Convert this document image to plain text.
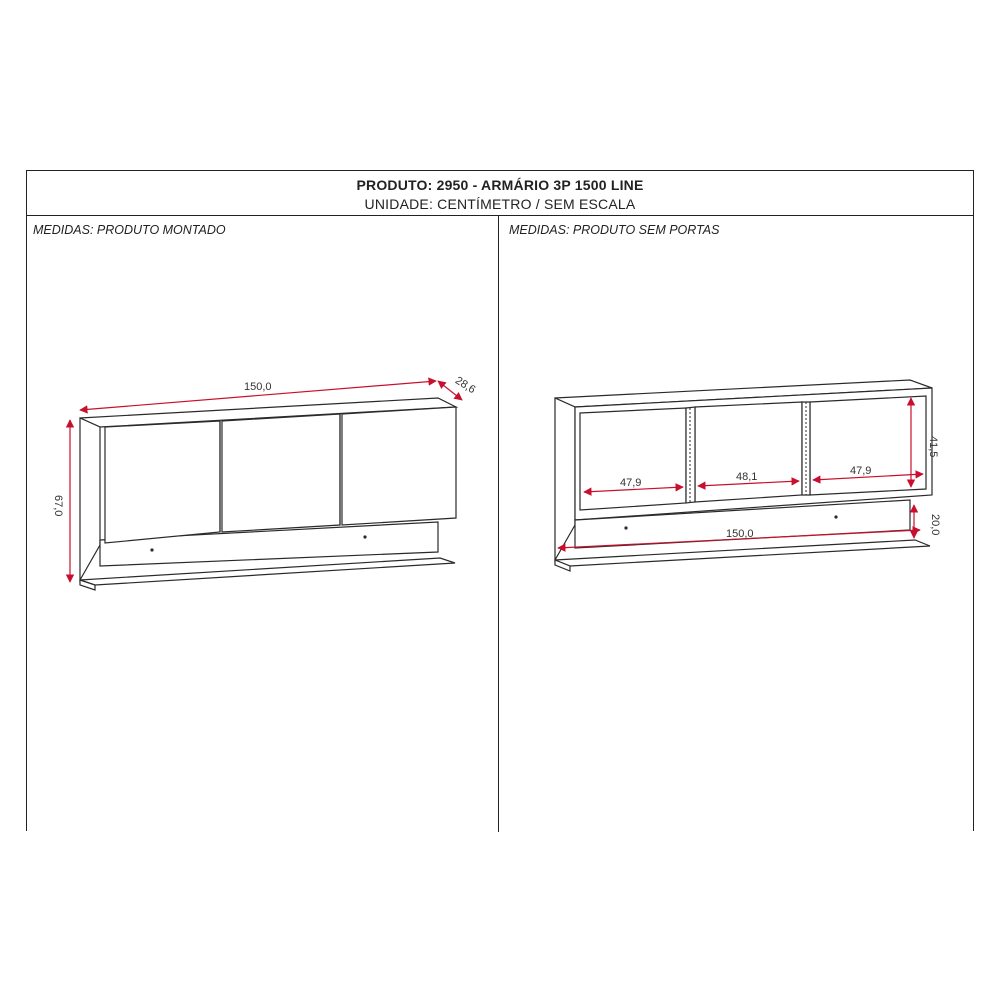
PRODUTO: 2950 - ARMÁRIO 3P 1500 LINE
UNIDADE: CENTÍMETRO / SEM ESCALA
MEDIDAS: PRODUTO MONTADO	MEDIDAS: PRODUTO SEM PORTAS
150,0	28,6
67,0
47,9	48,1	47,9
41,5
150,0	20,0
